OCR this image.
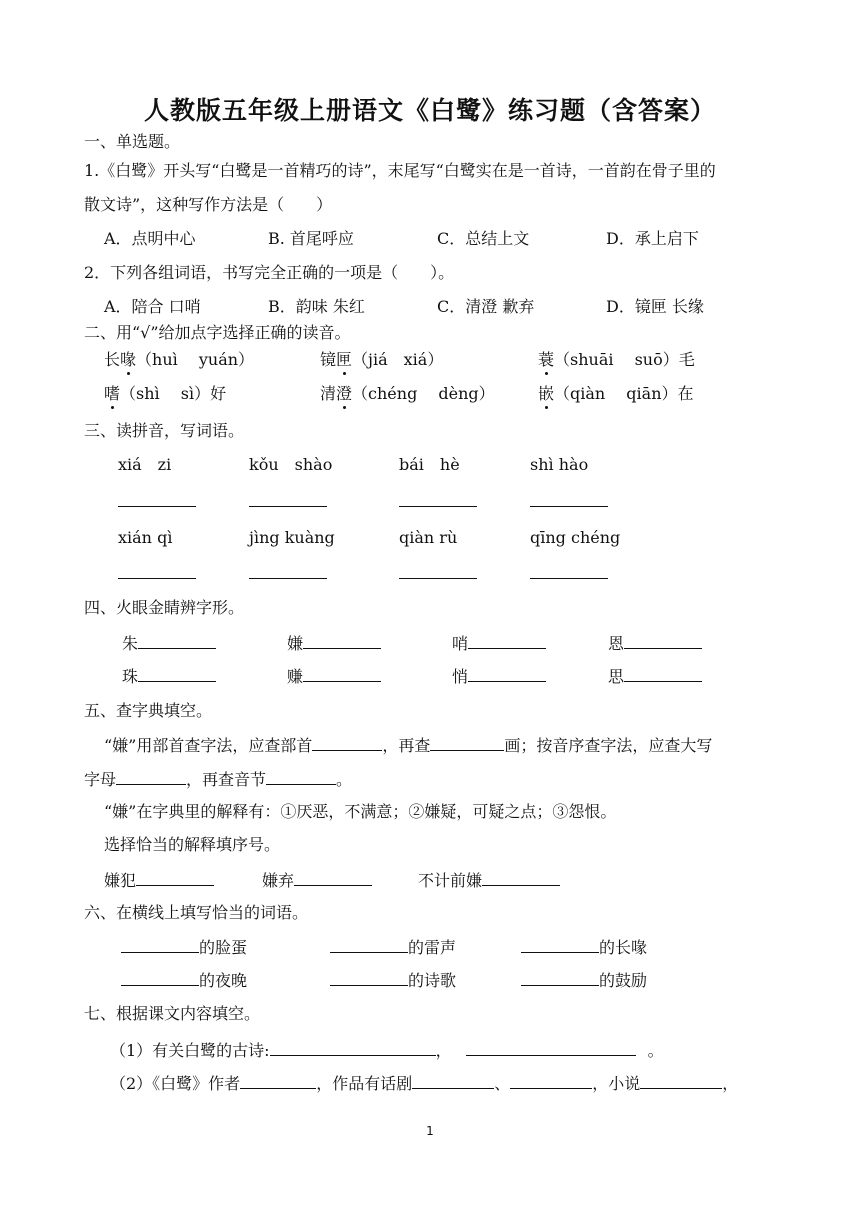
人教版五年级上册语文《白鹭》练习题（含答案）
一、单选题。
1.《白鹭》开头写“白鹭是一首精巧的诗”，末尾写“白鹭实在是一首诗，一首韵在骨子里的
散文诗”，这种写作方法是（　　）
A．点明中心	B. 首尾呼应	C．总结上文	D．承上启下
2．下列各组词语，书写完全正确的一项是（　　）。
A．陪合 口哨	B．韵味 朱红	C．清澄 歉弃	D．镜匣 长缘
二、用“√”给加点字选择正确的读音。
长喙（huì　 yuán）	镜匣（jiá　xiá）	蓑（shuāi　 suō）毛
嗜（shì　 sì）好	清澄（chéng　 dèng）	嵌（qiàn　 qiān）在
三、读拼音，写词语。
xiá　zi	kǒu　shào	bái　hè	shì hào
xián qì	jìng kuàng	qiàn rù	qīng chéng
四、火眼金睛辨字形。
朱	嫌	哨	恩
珠	赚	悄	思
五、查字典填空。
“嫌”用部首查字法，应查部首	，再查	画；按音序查字法，应查大写
字母	，再查音节	。
“嫌”在字典里的解释有：①厌恶，不满意；②嫌疑，可疑之点；③怨恨。
选择恰当的解释填序号。
嫌犯	嫌弃	不计前嫌
六、在横线上填写恰当的词语。
的脸蛋	的雷声	的长喙
的夜晚	的诗歌	的鼓励
七、根据课文内容填空。
（1）有关白鹭的古诗:	，	。
（2）《白鹭》作者	，作品有话剧	、	，小说	，
1
